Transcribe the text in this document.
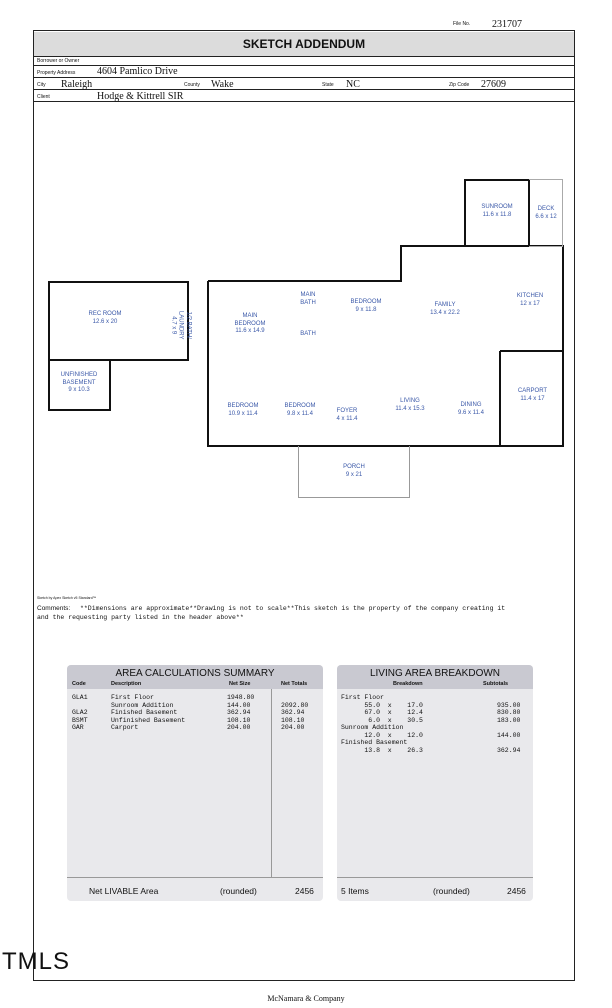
File No. 231707
SKETCH ADDENDUM
Borrower or Owner
Property Address 4604 Pamlico Drive
City Raleigh	County Wake	State NC	Zip Code 27609
Client	Hodge & Kittrell SIR
SUNROOM
11.6 x 11.8
DECK
6.6 x 12
REC ROOM
12.6 x 20
1/2 BATH/
LAUNDRY
4.7 x 9
UNFINISHED
BASEMENT
9 x 10.3
MAIN
BEDROOM
11.6 x 14.9
MAIN
BATH
BATH
BEDROOM
9 x 11.8
FAMILY
13.4 x 22.2
KITCHEN
12 x 17
BEDROOM
10.9 x 11.4
BEDROOM
9.8 x 11.4	FOYER
4 x 11.4
LIVING
11.4 x 15.3
DINING
9.6 x 11.4
CARPORT
11.4 x 17
PORCH
9 x 21
Sketch by Apex Sketch v5 Standard™
Comments: **Dimensions are approximate**Drawing is not to scale**This sketch is the property of the company creating it
and the requesting party listed in the header above**
AREA CALCULATIONS SUMMARY
Code	Description	Net Size	Net Totals
GLA1	First Floor	1948.80
Sunroom Addition	144.00	2092.80
GLA2	Finished Basement	362.94	362.94
BSMT	Unfinished Basement	108.10	108.10
GAR	Carport	204.00	204.00
Net LIVABLE Area	(rounded)	2456
LIVING AREA BREAKDOWN
Breakdown	Subtotals
First Floor
55.0  x    17.0	935.00
67.0  x    12.4	830.80
6.0  x    30.5	183.00
Sunroom Addition
12.0  x    12.0	144.00
Finished Basement
13.8  x    26.3	362.94
5 Items	(rounded)	2456
TMLS
McNamara & Company
